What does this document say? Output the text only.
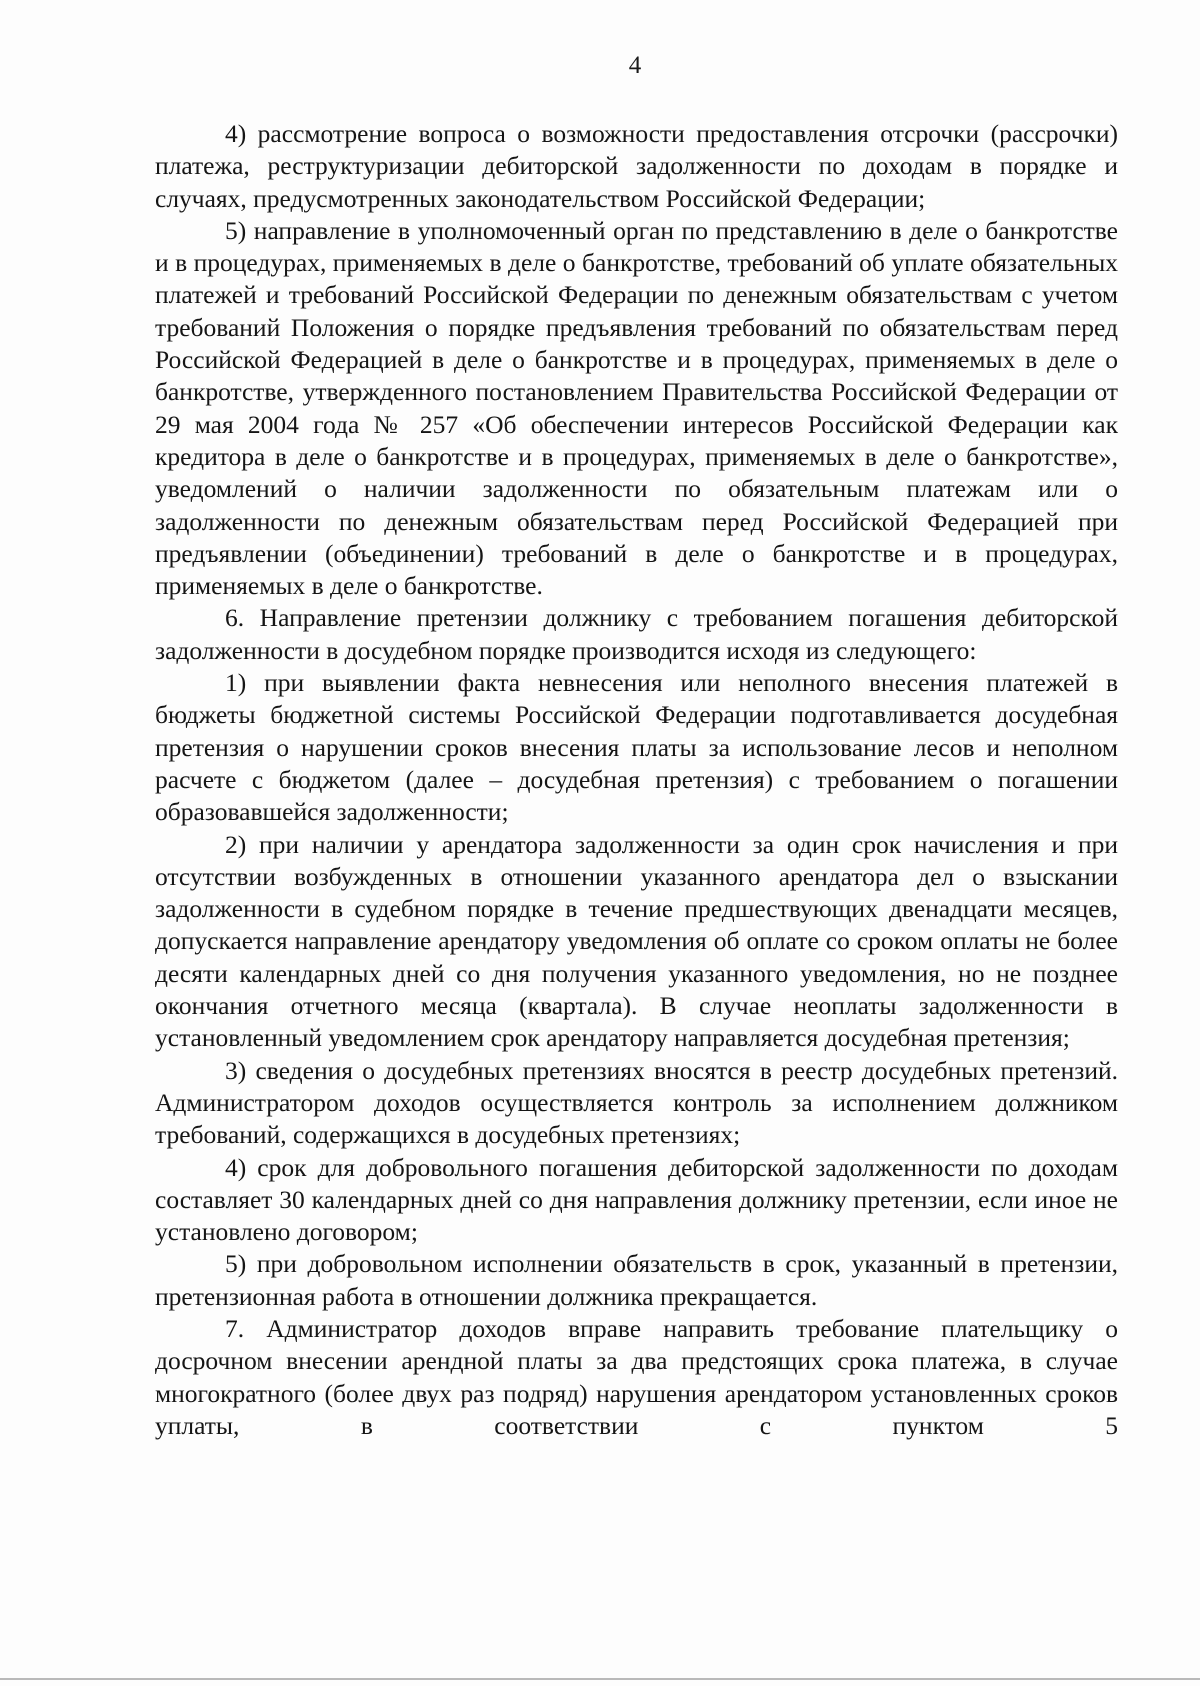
4

4) рассмотрение вопроса о возможности предоставления отсрочки (рассрочки) платежа, реструктуризации дебиторской задолженности по доходам в порядке и случаях, предусмотренных законодательством Российской Федерации;

5) направление в уполномоченный орган по представлению в деле о банкротстве и в процедурах, применяемых в деле о банкротстве, требований об уплате обязательных платежей и требований Российской Федерации по денежным обязательствам с учетом требований Положения о порядке предъявления требований по обязательствам перед Российской Федерацией в деле о банкротстве и в процедурах, применяемых в деле о банкротстве, утвержденного постановлением Правительства Российской Федерации от 29 мая 2004 года № 257 «Об обеспечении интересов Российской Федерации как кредитора в деле о банкротстве и в процедурах, применяемых в деле о банкротстве», уведомлений о наличии задолженности по обязательным платежам или о задолженности по денежным обязательствам перед Российской Федерацией при предъявлении (объединении) требований в деле о банкротстве и в процедурах, применяемых в деле о банкротстве.

6. Направление претензии должнику с требованием погашения дебиторской задолженности в досудебном порядке производится исходя из следующего:

1) при выявлении факта невнесения или неполного внесения платежей в бюджеты бюджетной системы Российской Федерации подготавливается досудебная претензия о нарушении сроков внесения платы за использование лесов и неполном расчете с бюджетом (далее – досудебная претензия) с требованием о погашении образовавшейся задолженности;

2) при наличии у арендатора задолженности за один срок начисления и при отсутствии возбужденных в отношении указанного арендатора дел о взыскании задолженности в судебном порядке в течение предшествующих двенадцати месяцев, допускается направление арендатору уведомления об оплате со сроком оплаты не более десяти календарных дней со дня получения указанного уведомления, но не позднее окончания отчетного месяца (квартала). В случае неоплаты задолженности в установленный уведомлением срок арендатору направляется досудебная претензия;

3) сведения о досудебных претензиях вносятся в реестр досудебных претензий. Администратором доходов осуществляется контроль за исполнением должником требований, содержащихся в досудебных претензиях;

4) срок для добровольного погашения дебиторской задолженности по доходам составляет 30 календарных дней со дня направления должнику претензии, если иное не установлено договором;

5) при добровольном исполнении обязательств в срок, указанный в претензии, претензионная работа в отношении должника прекращается.

7. Администратор доходов вправе направить требование плательщику о досрочном внесении арендной платы за два предстоящих срока платежа, в случае многократного (более двух раз подряд) нарушения арендатором установленных сроков уплаты, в соответствии с пунктом 5
